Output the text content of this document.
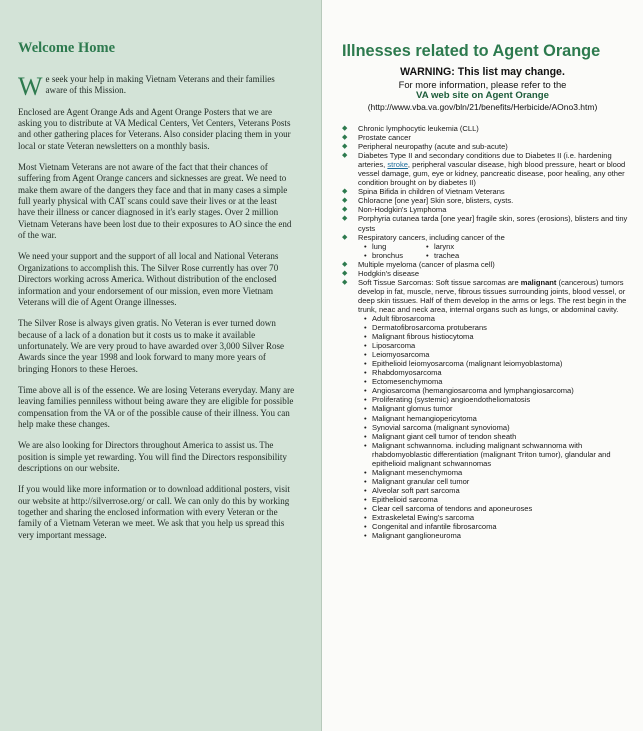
Welcome Home

We seek your help in making Vietnam Veterans and their families aware of this Mission.

Enclosed are Agent Orange Ads and Agent Orange Posters that we are asking you to distribute at VA Medical Centers, Vet Centers, Veterans Posts and other gathering places for Veterans. Also consider placing them in your local or state Veteran newsletters on a monthly basis.

Most Vietnam Veterans are not aware of the fact that their chances of suffering from Agent Orange cancers and sicknesses are great. We need to make them aware of the dangers they face and that in many cases a simple full yearly physical with CAT scans could save their lives or at the least have their illness or cancer diagnosed in it's early stages. Over 2 million Vietnam Veterans have been lost due to their exposures to AO since the end of the war.

We need your support and the support of all local and National Veterans Organizations to accomplish this. The Silver Rose currently has over 70 Directors working across America. Without distribution of the enclosed information and your endorsement of our mission, even more Vietnam Veterans will die of Agent Orange illnesses.

The Silver Rose is always given gratis. No Veteran is ever turned down because of a lack of a donation but it costs us to make it available unfortunately. We are very proud to have awarded over 3,000 Silver Rose Awards since the year 1998 and look forward to many more years of bringing Honors to these Heroes.

Time above all is of the essence. We are losing Veterans everyday. Many are leaving families penniless without being aware they are eligible for possible compensation from the VA or of the possible cause of their illness. You can help make these changes.

We are also looking for Directors throughout America to assist us. The position is simple yet rewarding. You will find the Directors responsibility descriptions on our website.

If you would like more information or to download additional posters, visit our website at http://silverrose.org/ or call. We can only do this by working together and sharing the enclosed information with every Veteran or the family of a Vietnam Veteran we meet. We ask that you help us spread this very important message.

Illnesses related to Agent Orange
WARNING: This list may change.
For more information, please refer to the
VA web site on Agent Orange
(http://www.vba.va.gov/bln/21/benefits/Herbicide/AOno3.htm)
◆ Chronic lymphocytic leukemia (CLL)
◆ Prostate cancer
◆ Peripheral neuropathy (acute and sub-acute)
◆ Diabetes Type II and secondary conditions due to Diabetes II (i.e. hardening arteries, stroke, peripheral vascular disease, high blood pressure, heart or blood vessel damage, gum, eye or kidney, pancreatic disease, poor healing, any other condition brought on by diabetes II)
◆ Spina Bifida in children of Vietnam Veterans
◆ Chloracne [one year] Skin sore, blisters, cysts.
◆ Non-Hodgkin's Lymphoma
◆ Porphyria cutanea tarda [one year] fragile skin, sores (erosions), blisters and tiny cysts
◆ Respiratory cancers, including cancer of the
• lung	• larynx
• bronchus	• trachea
◆ Multiple myeloma (cancer of plasma cell)
◆ Hodgkin's disease
◆ Soft Tissue Sarcomas: Soft tissue sarcomas are malignant (cancerous) tumors develop in fat, muscle, nerve, fibrous tissues surrounding joints, blood vessel, or deep skin tissues. Half of them develop in the arms or legs. The rest begin in the trunk, neac and neck area, internal organs such as lungs, or abdominal cavity.
• Adult fibrosarcoma
• Dermatofibrosarcoma protuberans
• Malignant fibrous histiocytoma
• Liposarcoma
• Leiomyosarcoma
• Epithelioid leiomyosarcoma (malignant leiomyoblastoma)
• Rhabdomyosarcoma
• Ectomesenchymoma
• Angiosarcoma (hemangiosarcoma and lymphangiosarcoma)
• Proliferating (systemic) angioendotheliomatosis
• Malignant glomus tumor
• Malignant hemangiopericytoma
• Synovial sarcoma (malignant synovioma)
• Malignant giant cell tumor of tendon sheath
• Malignant schwannoma. including malignant schwannoma with rhabdomyoblastic differentiation (malignant Triton tumor), glandular and epithelioid malignant schwannomas
• Malignant mesenchymoma
• Malignant granular cell tumor
• Alveolar soft part sarcoma
• Epithelioid sarcoma
• Clear cell sarcoma of tendons and aponeuroses
• Extraskeletal Ewing's sarcoma
• Congenital and infantile fibrosarcoma
• Malignant ganglioneuroma
